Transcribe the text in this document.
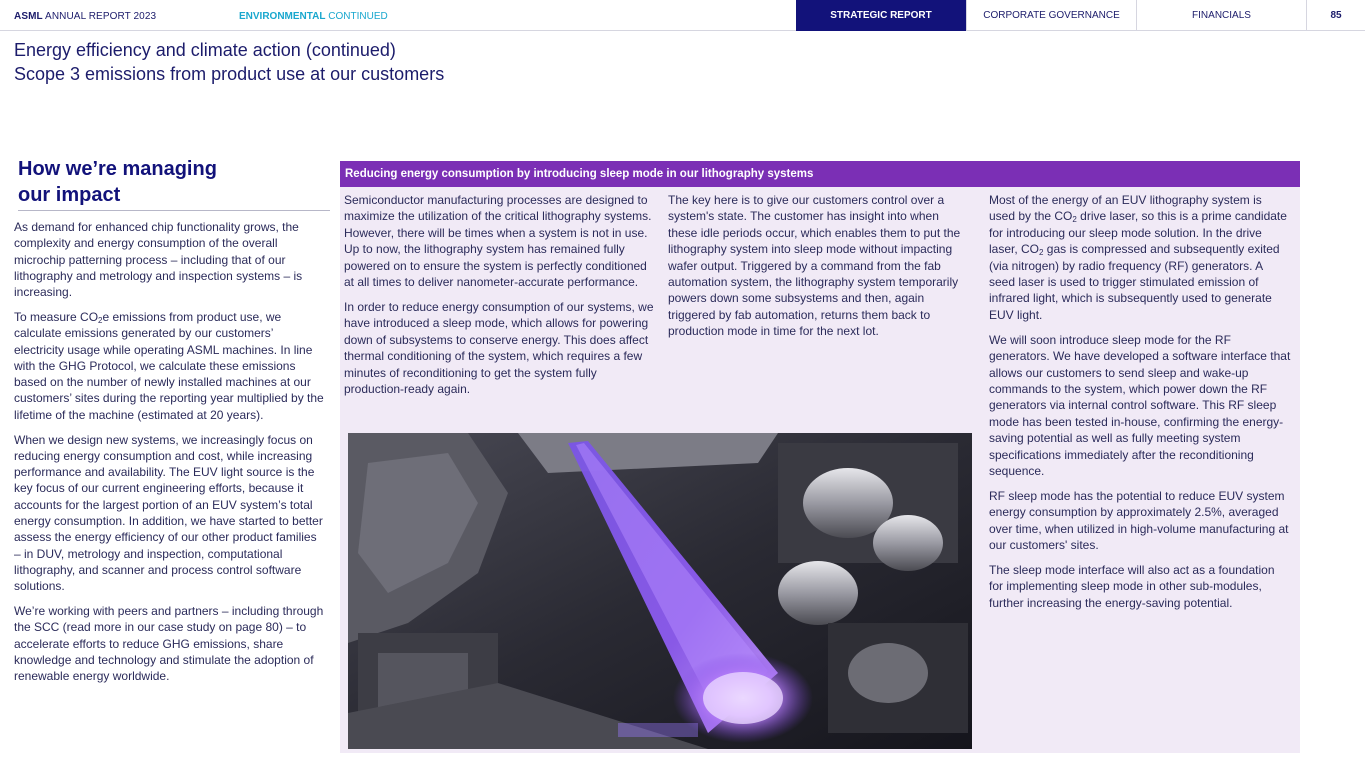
ASML ANNUAL REPORT 2023	ENVIRONMENTAL CONTINUED	STRATEGIC REPORT	CORPORATE GOVERNANCE	FINANCIALS	85
Energy efficiency and climate action (continued)
Scope 3 emissions from product use at our customers
How we’re managing
our impact

As demand for enhanced chip functionality grows, the complexity and energy consumption of the overall microchip patterning process – including that of our lithography and metrology and inspection systems – is increasing.

To measure $CO_2e$ emissions from product use, we calculate emissions generated by our customers’ electricity usage while operating ASML machines. In line with the GHG Protocol, we calculate these emissions based on the number of newly installed machines at our customers’ sites during the reporting year multiplied by the lifetime of the machine (estimated at 20 years).

When we design new systems, we increasingly focus on reducing energy consumption and cost, while increasing performance and availability. The EUV light source is the key focus of our current engineering efforts, because it accounts for the largest portion of an EUV system’s total energy consumption. In addition, we have started to better assess the energy efficiency of our other product families – in DUV, metrology and inspection, computational lithography, and scanner and process control software solutions.

We’re working with peers and partners – including through the SCC (read more in our case study on page 80) – to accelerate efforts to reduce GHG emissions, share knowledge and technology and stimulate the adoption of renewable energy worldwide.

Reducing energy consumption by introducing sleep mode in our lithography systems

Semiconductor manufacturing processes are designed to maximize the utilization of the critical lithography systems. However, there will be times when a system is not in use. Up to now, the lithography system has remained fully powered on to ensure the system is perfectly conditioned at all times to deliver nanometer-accurate performance.

In order to reduce energy consumption of our systems, we have introduced a sleep mode, which allows for powering down of subsystems to conserve energy. This does affect thermal conditioning of the system, which requires a few minutes of reconditioning to get the system fully production-ready again.

The key here is to give our customers control over a system's state. The customer has insight into when these idle periods occur, which enables them to put the lithography system into sleep mode without impacting wafer output. Triggered by a command from the fab automation system, the lithography system temporarily powers down some subsystems and then, again triggered by fab automation, returns them back to production mode in time for the next lot.

Most of the energy of an EUV lithography system is used by the $CO_2$ drive laser, so this is a prime candidate for introducing our sleep mode solution. In the drive laser, $CO_2$ gas is compressed and subsequently exited (via nitrogen) by radio frequency (RF) generators. A seed laser is used to trigger stimulated emission of infrared light, which is subsequently used to generate EUV light.

We will soon introduce sleep mode for the RF generators. We have developed a software interface that allows our customers to send sleep and wake-up commands to the system, which power down the RF generators via internal control software. This RF sleep mode has been tested in-house, confirming the energy-saving potential as well as fully meeting system specifications immediately after the reconditioning sequence.

RF sleep mode has the potential to reduce EUV system energy consumption by approximately 2.5%, averaged over time, when utilized in high-volume manufacturing at our customers' sites.

The sleep mode interface will also act as a foundation for implementing sleep mode in other sub-modules, further increasing the energy-saving potential.
